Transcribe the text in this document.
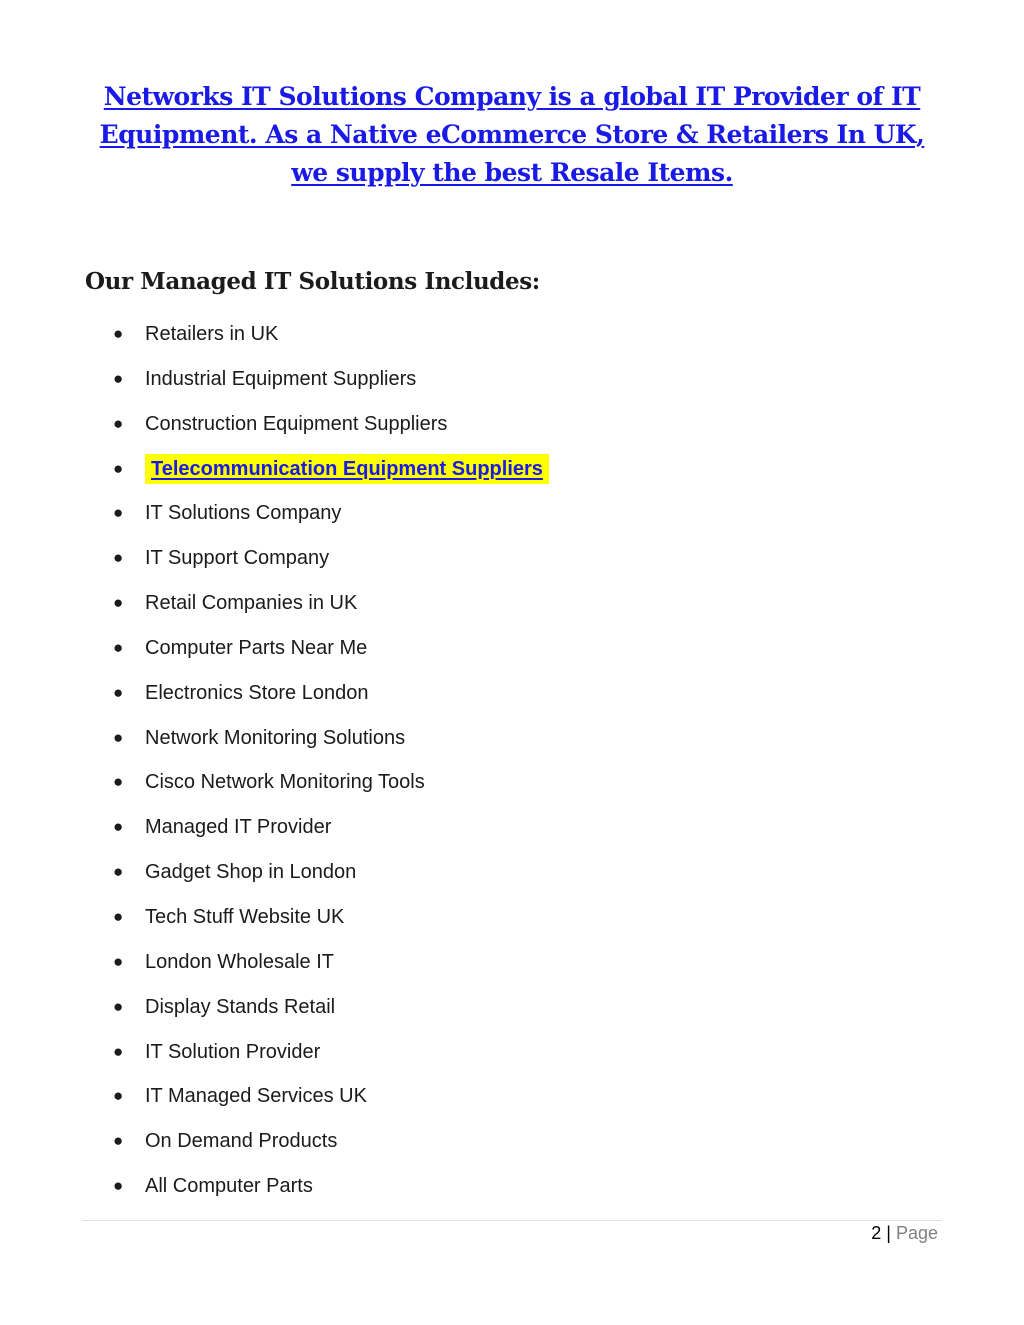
Networks IT Solutions Company is a global IT Provider of IT Equipment. As a Native eCommerce Store & Retailers In UK, we supply the best Resale Items.
Our Managed IT Solutions Includes:
● Retailers in UK
● Industrial Equipment Suppliers
● Construction Equipment Suppliers
●	Telecommunication Equipment Suppliers
● IT Solutions Company
● IT Support Company
● Retail Companies in UK
● Computer Parts Near Me
● Electronics Store London
● Network Monitoring Solutions
● Cisco Network Monitoring Tools
● Managed IT Provider
● Gadget Shop in London
● Tech Stuff Website UK
● London Wholesale IT
● Display Stands Retail
● IT Solution Provider
● IT Managed Services UK
● On Demand Products
● All Computer Parts
2 | Page
